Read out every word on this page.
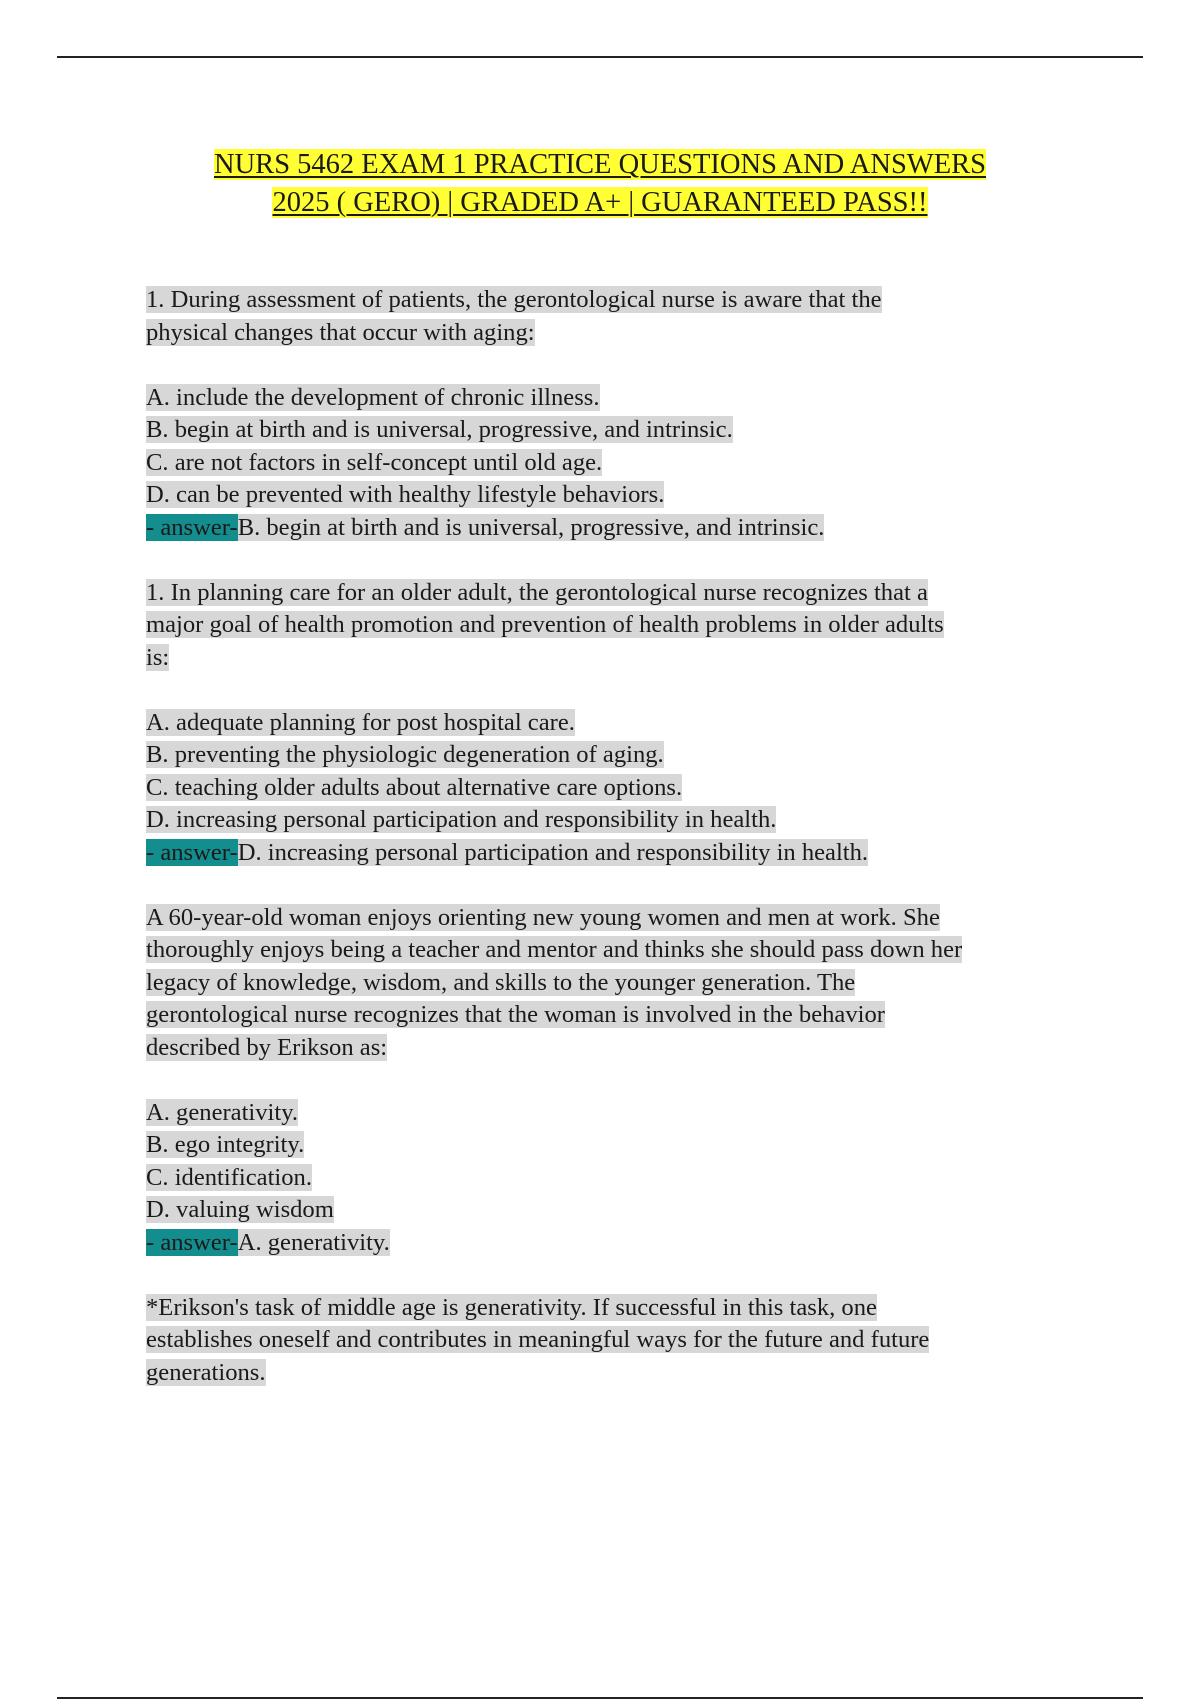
NURS 5462 EXAM 1 PRACTICE QUESTIONS AND ANSWERS
2025 ( GERO) | GRADED A+ | GUARANTEED PASS!!
1. During assessment of patients, the gerontological nurse is aware that the
physical changes that occur with aging:
A. include the development of chronic illness.
B. begin at birth and is universal, progressive, and intrinsic.
C. are not factors in self-concept until old age.
D. can be prevented with healthy lifestyle behaviors.
- answer-B. begin at birth and is universal, progressive, and intrinsic.
1. In planning care for an older adult, the gerontological nurse recognizes that a
major goal of health promotion and prevention of health problems in older adults
is:
A. adequate planning for post hospital care.
B. preventing the physiologic degeneration of aging.
C. teaching older adults about alternative care options.
D. increasing personal participation and responsibility in health.
- answer-D. increasing personal participation and responsibility in health.
A 60-year-old woman enjoys orienting new young women and men at work. She
thoroughly enjoys being a teacher and mentor and thinks she should pass down her
legacy of knowledge, wisdom, and skills to the younger generation. The
gerontological nurse recognizes that the woman is involved in the behavior
described by Erikson as:
A. generativity.
B. ego integrity.
C. identification.
D. valuing wisdom
- answer-A. generativity.
*Erikson's task of middle age is generativity. If successful in this task, one
establishes oneself and contributes in meaningful ways for the future and future
generations.
